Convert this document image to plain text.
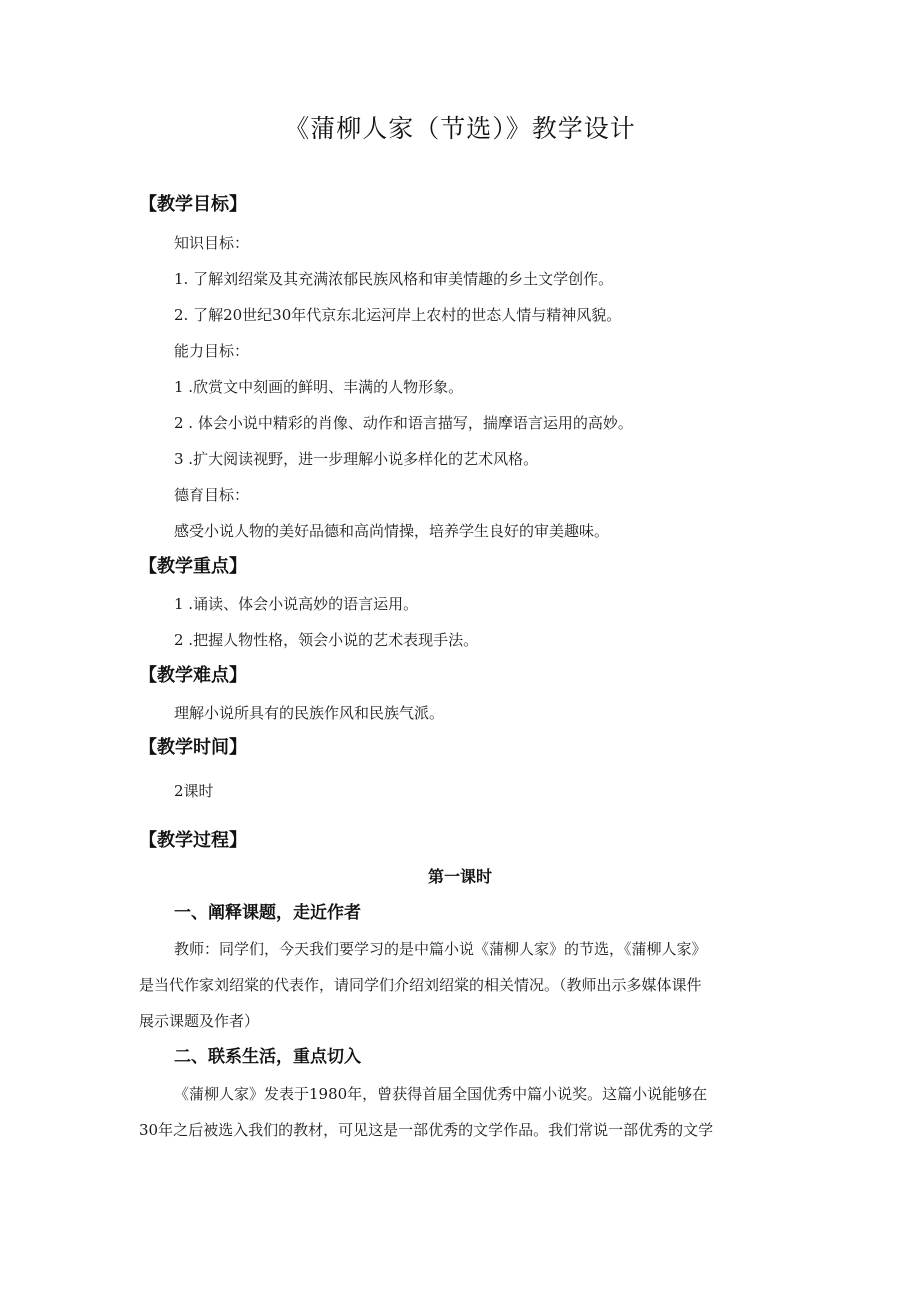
《蒲柳人家（节选）》教学设计
【教学目标】
知识目标：
1. 了解刘绍棠及其充满浓郁民族风格和审美情趣的乡土文学创作。
2. 了解20世纪30年代京东北运河岸上农村的世态人情与精神风貌。
能力目标：
1 .欣赏文中刻画的鲜明、丰满的人物形象。
2 . 体会小说中精彩的肖像、动作和语言描写，揣摩语言运用的高妙。
3 .扩大阅读视野，进一步理解小说多样化的艺术风格。
德育目标：
感受小说人物的美好品德和高尚情操，培养学生良好的审美趣味。
【教学重点】
1 .诵读、体会小说高妙的语言运用。
2 .把握人物性格，领会小说的艺术表现手法。
【教学难点】
理解小说所具有的民族作风和民族气派。
【教学时间】
2课时
【教学过程】
第一课时
一、阐释课题，走近作者
教师：同学们，今天我们要学习的是中篇小说《蒲柳人家》的节选，《蒲柳人家》
是当代作家刘绍棠的代表作，请同学们介绍刘绍棠的相关情况。（教师出示多媒体课件
展示课题及作者）
二、联系生活，重点切入
《蒲柳人家》发表于1980年，曾获得首届全国优秀中篇小说奖。这篇小说能够在
30年之后被选入我们的教材，可见这是一部优秀的文学作品。我们常说一部优秀的文学
